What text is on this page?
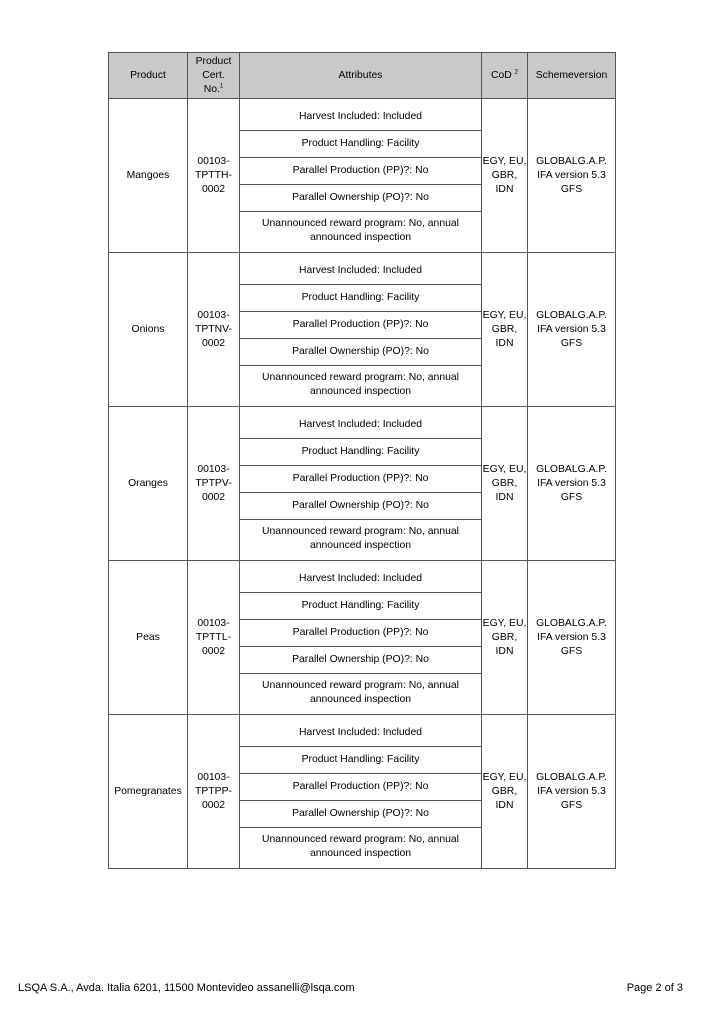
Product	Product Cert. No.$^1$	Attributes	CoD $^2$	Schemeversion
Mangoes	00103-TPTTH-0002	Harvest Included: Included
Product Handling: Facility
Parallel Production (PP)?: No
Parallel Ownership (PO)?: No
Unannounced reward program: No, annual announced inspection	EGY, EU, GBR, IDN	GLOBALG.A.P. IFA version 5.3 GFS
Onions	00103-TPTNV-0002	Harvest Included: Included
Product Handling: Facility
Parallel Production (PP)?: No
Parallel Ownership (PO)?: No
Unannounced reward program: No, annual announced inspection	EGY, EU, GBR, IDN	GLOBALG.A.P. IFA version 5.3 GFS
Oranges	00103-TPTPV-0002	Harvest Included: Included
Product Handling: Facility
Parallel Production (PP)?: No
Parallel Ownership (PO)?: No
Unannounced reward program: No, annual announced inspection	EGY, EU, GBR, IDN	GLOBALG.A.P. IFA version 5.3 GFS
Peas	00103-TPTTL-0002	Harvest Included: Included
Product Handling: Facility
Parallel Production (PP)?: No
Parallel Ownership (PO)?: No
Unannounced reward program: No, annual announced inspection	EGY, EU, GBR, IDN	GLOBALG.A.P. IFA version 5.3 GFS
Pomegranates	00103-TPTPP-0002	Harvest Included: Included
Product Handling: Facility
Parallel Production (PP)?: No
Parallel Ownership (PO)?: No
Unannounced reward program: No, annual announced inspection	EGY, EU, GBR, IDN	GLOBALG.A.P. IFA version 5.3 GFS
LSQA S.A., Avda. Italia 6201, 11500 Montevideo assanelli@lsqa.com	Page 2 of 3
